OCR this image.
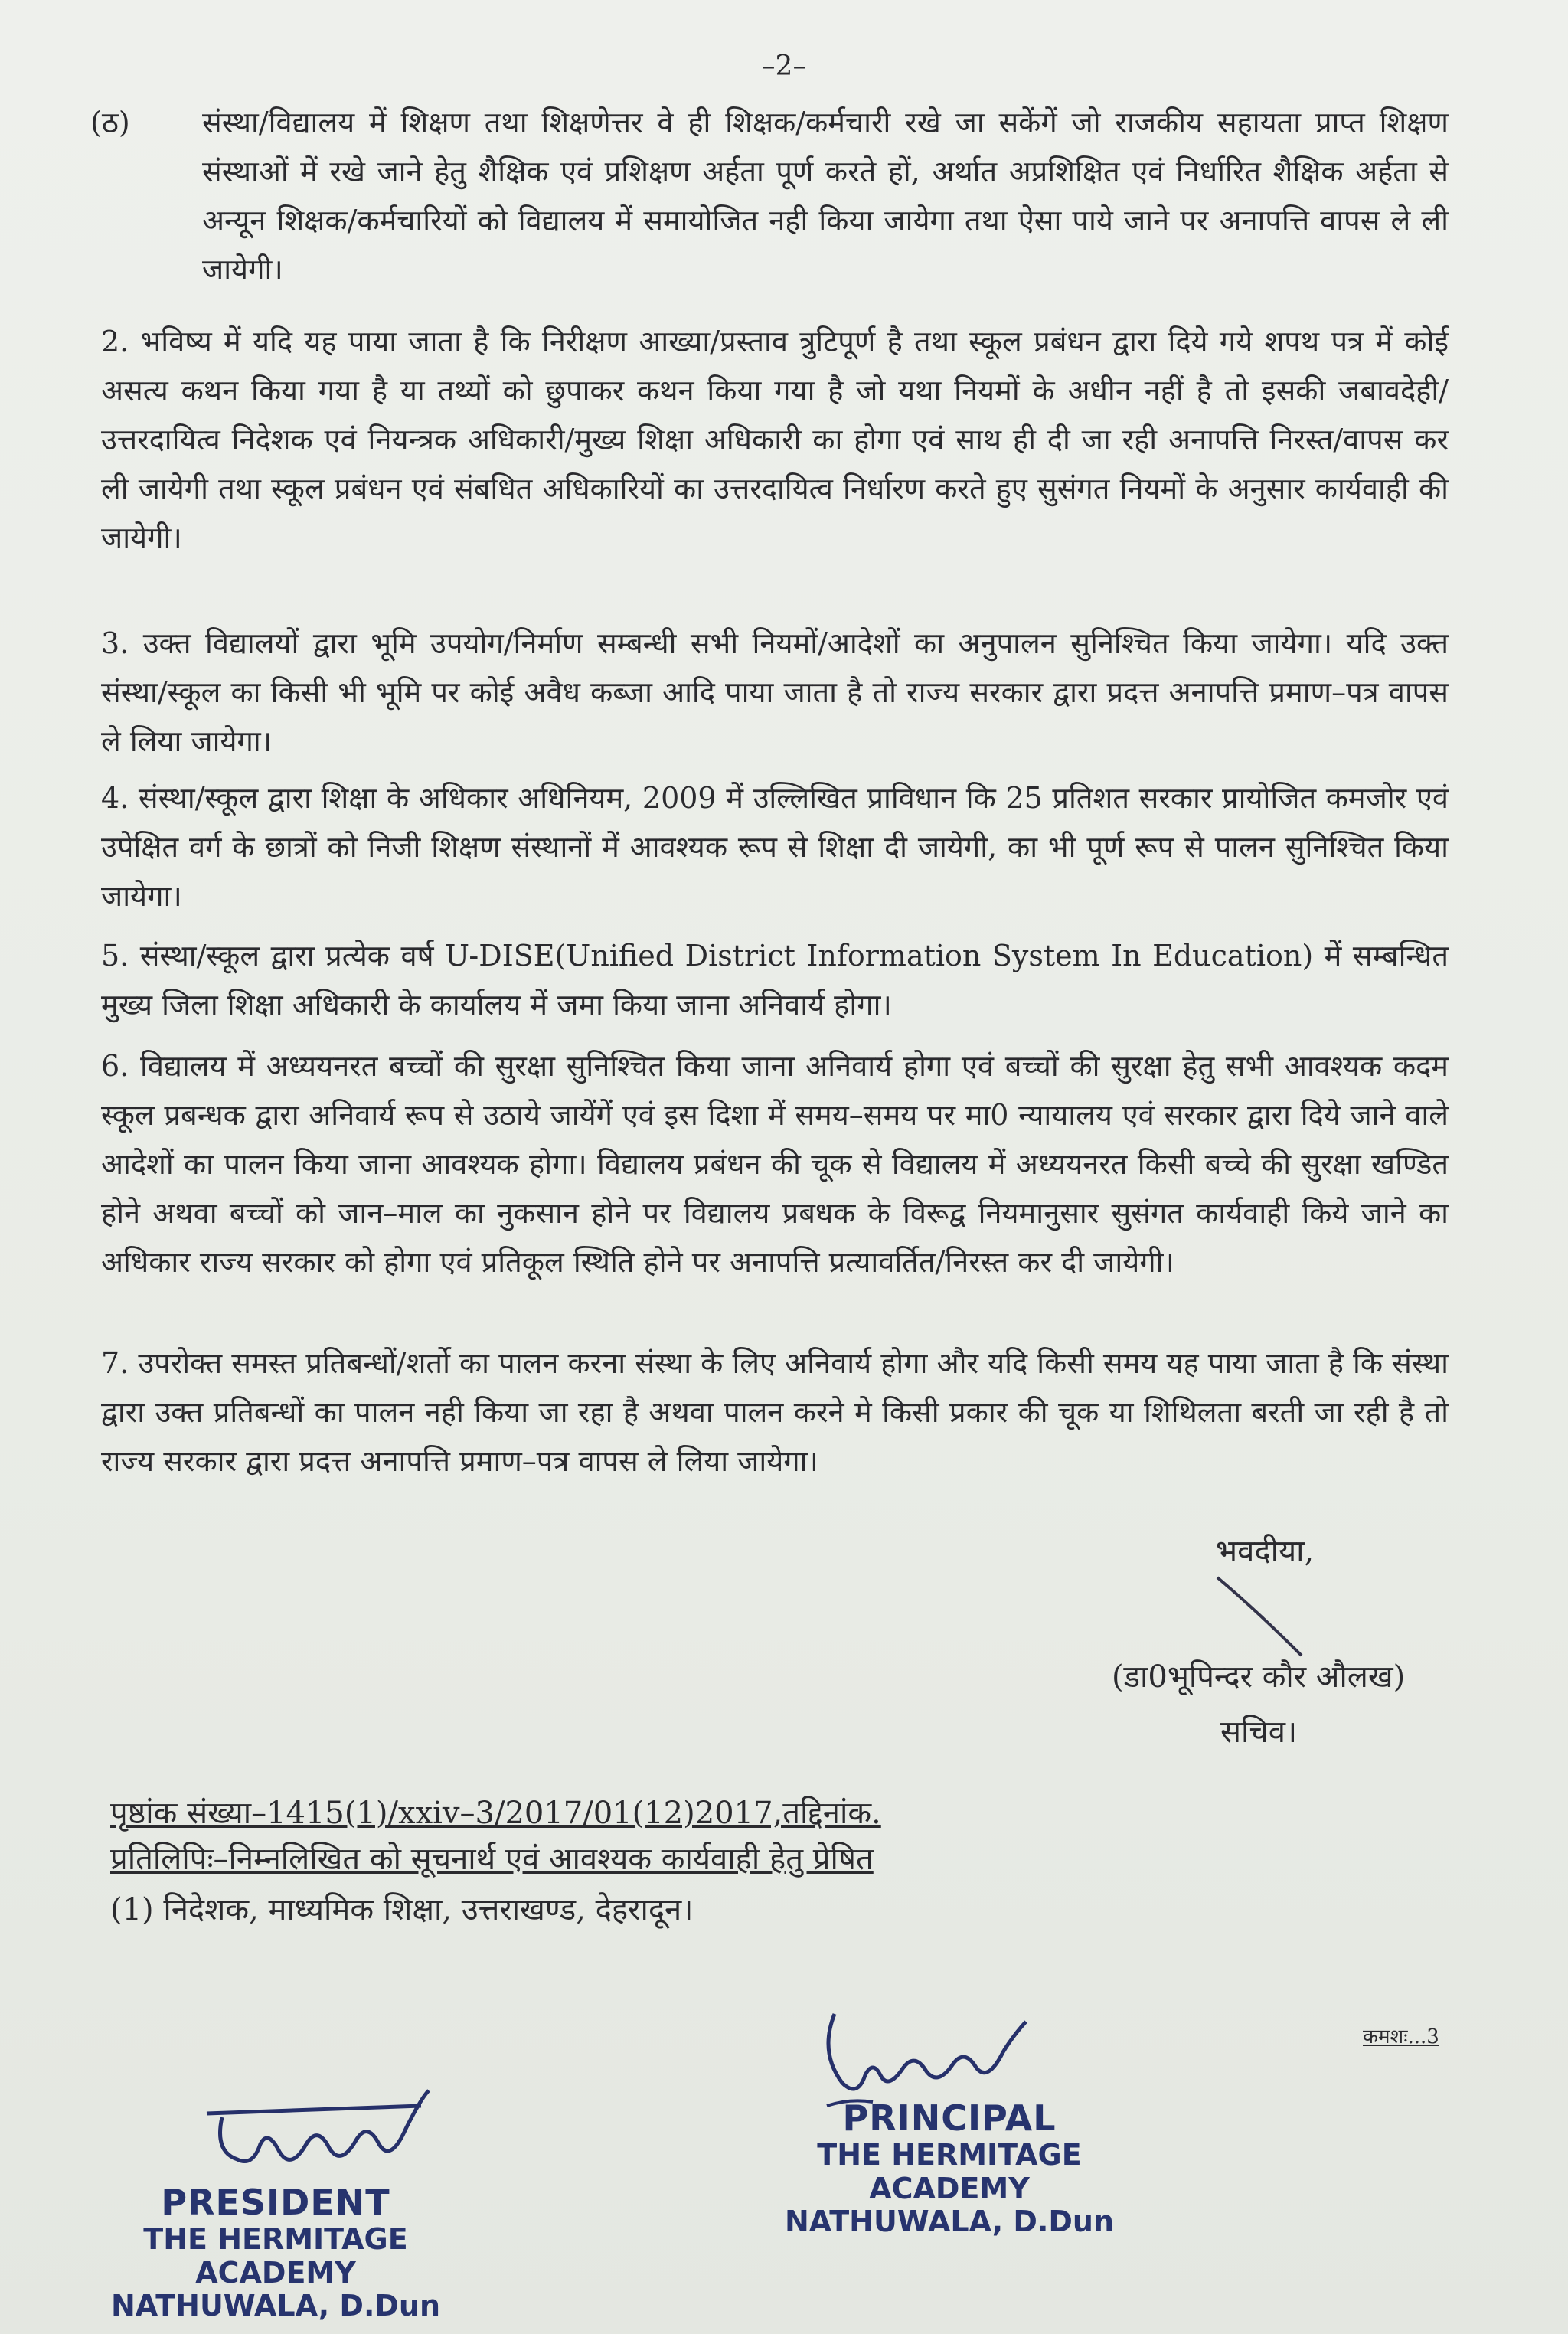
–2–
(ठ) संस्था/विद्यालय में शिक्षण तथा शिक्षणेत्तर वे ही शिक्षक/कर्मचारी रखे जा सकेंगें जो राजकीय सहायता प्राप्त शिक्षण संस्थाओं में रखे जाने हेतु शैक्षिक एवं प्रशिक्षण अर्हता पूर्ण करते हों, अर्थात अप्रशिक्षित एवं निर्धारित शैक्षिक अर्हता से अन्यून शिक्षक/कर्मचारियों को विद्यालय में समायोजित नही किया जायेगा तथा ऐसा पाये जाने पर अनापत्ति वापस ले ली जायेगी।

2. भविष्य में यदि यह पाया जाता है कि निरीक्षण आख्या/प्रस्ताव त्रुटिपूर्ण है तथा स्कूल प्रबंधन द्वारा दिये गये शपथ पत्र में कोई असत्य कथन किया गया है या तथ्यों को छुपाकर कथन किया गया है जो यथा नियमों के अधीन नहीं है तो इसकी जबावदेही/उत्तरदायित्व निदेशक एवं नियन्त्रक अधिकारी/मुख्य शिक्षा अधिकारी का होगा एवं साथ ही दी जा रही अनापत्ति निरस्त/वापस कर ली जायेगी तथा स्कूल प्रबंधन एवं संबधित अधिकारियों का उत्तरदायित्व निर्धारण करते हुए सुसंगत नियमों के अनुसार कार्यवाही की जायेगी।

3. उक्त विद्यालयों द्वारा भूमि उपयोग/निर्माण सम्बन्धी सभी नियमों/आदेशों का अनुपालन सुनिश्चित किया जायेगा। यदि उक्त संस्था/स्कूल का किसी भी भूमि पर कोई अवैध कब्जा आदि पाया जाता है तो राज्य सरकार द्वारा प्रदत्त अनापत्ति प्रमाण–पत्र वापस ले लिया जायेगा।

4. संस्था/स्कूल द्वारा शिक्षा के अधिकार अधिनियम, 2009 में उल्लिखित प्राविधान कि 25 प्रतिशत सरकार प्रायोजित कमजोर एवं उपेक्षित वर्ग के छात्रों को निजी शिक्षण संस्थानों में आवश्यक रूप से शिक्षा दी जायेगी, का भी पूर्ण रूप से पालन सुनिश्चित किया जायेगा।

5. संस्था/स्कूल द्वारा प्रत्येक वर्ष U-DISE(Unified District Information System In Education) में सम्बन्धित मुख्य जिला शिक्षा अधिकारी के कार्यालय में जमा किया जाना अनिवार्य होगा।

6. विद्यालय में अध्ययनरत बच्चों की सुरक्षा सुनिश्चित किया जाना अनिवार्य होगा एवं बच्चों की सुरक्षा हेतु सभी आवश्यक कदम स्कूल प्रबन्धक द्वारा अनिवार्य रूप से उठाये जायेंगें एवं इस दिशा में समय–समय पर मा0 न्यायालय एवं सरकार द्वारा दिये जाने वाले आदेशों का पालन किया जाना आवश्यक होगा। विद्यालय प्रबंधन की चूक से विद्यालय में अध्ययनरत किसी बच्चे की सुरक्षा खण्डित होने अथवा बच्चों को जान–माल का नुकसान होने पर विद्यालय प्रबधक के विरूद्व नियमानुसार सुसंगत कार्यवाही किये जाने का अधिकार राज्य सरकार को होगा एवं प्रतिकूल स्थिति होने पर अनापत्ति प्रत्यावर्तित/निरस्त कर दी जायेगी।

7. उपरोक्त समस्त प्रतिबन्धों/शर्तो का पालन करना संस्था के लिए अनिवार्य होगा और यदि किसी समय यह पाया जाता है कि संस्था द्वारा उक्त प्रतिबन्धों का पालन नही किया जा रहा है अथवा पालन करने मे किसी प्रकार की चूक या शिथिलता बरती जा रही है तो राज्य सरकार द्वारा प्रदत्त अनापत्ति प्रमाण–पत्र वापस ले लिया जायेगा।

भवदीया,
(डा0भूपिन्दर कौर औलख)
सचिव।
पृष्ठांक संख्या–1415(1)/xxiv–3/2017/01(12)2017,तद्दिनांक.
प्रतिलिपिः–निम्नलिखित को सूचनार्थ एवं आवश्यक कार्यवाही हेतु प्रेषित
(1) निदेशक, माध्यमिक शिक्षा, उत्तराखण्ड, देहरादून।
कमशः...3
PRINCIPAL
THE HERMITAGE ACADEMY
NATHUWALA, D.Dun
PRESIDENT
THE HERMITAGE ACADEMY
NATHUWALA, D.Dun
